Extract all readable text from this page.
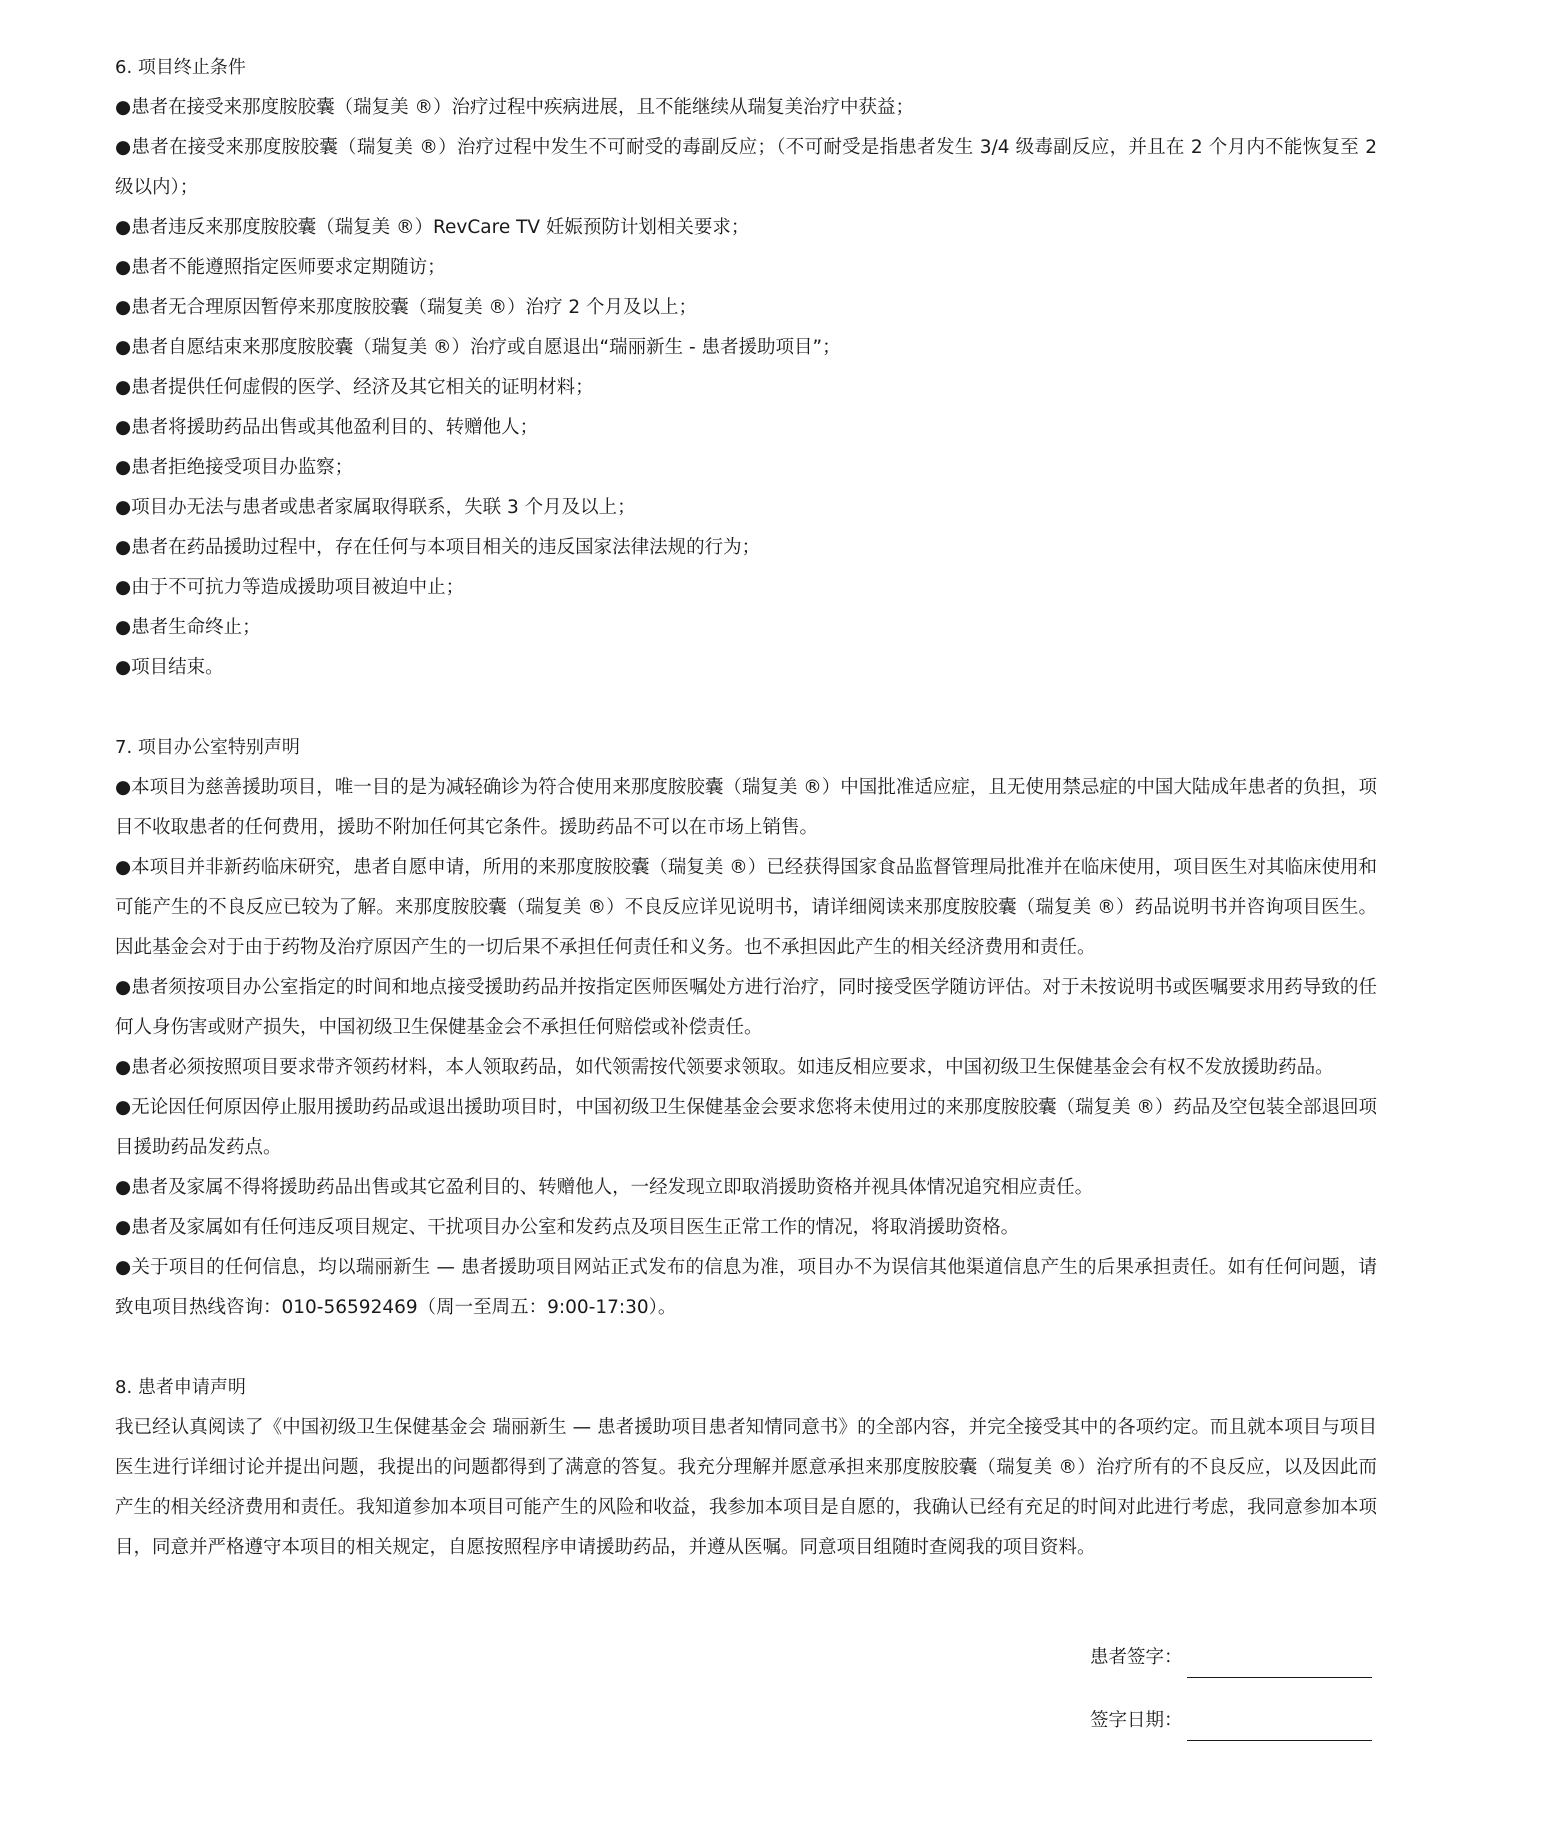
6. 项目终止条件

●患者在接受来那度胺胶囊（瑞复美 ®）治疗过程中疾病进展，且不能继续从瑞复美治疗中获益；

●患者在接受来那度胺胶囊（瑞复美 ®）治疗过程中发生不可耐受的毒副反应；（不可耐受是指患者发生 3/4 级毒副反应，并且在 2 个月内不能恢复至 2 级以内）；

●患者违反来那度胺胶囊（瑞复美 ®）RevCare TV 妊娠预防计划相关要求；

●患者不能遵照指定医师要求定期随访；

●患者无合理原因暂停来那度胺胶囊（瑞复美 ®）治疗 2 个月及以上；

●患者自愿结束来那度胺胶囊（瑞复美 ®）治疗或自愿退出“瑞丽新生 - 患者援助项目”；

●患者提供任何虚假的医学、经济及其它相关的证明材料；

●患者将援助药品出售或其他盈利目的、转赠他人；

●患者拒绝接受项目办监察；

●项目办无法与患者或患者家属取得联系，失联 3 个月及以上；

●患者在药品援助过程中，存在任何与本项目相关的违反国家法律法规的行为；

●由于不可抗力等造成援助项目被迫中止；

●患者生命终止；

●项目结束。

7. 项目办公室特别声明

●本项目为慈善援助项目，唯一目的是为减轻确诊为符合使用来那度胺胶囊（瑞复美 ®）中国批准适应症，且无使用禁忌症的中国大陆成年患者的负担，项目不收取患者的任何费用，援助不附加任何其它条件。援助药品不可以在市场上销售。

●本项目并非新药临床研究，患者自愿申请，所用的来那度胺胶囊（瑞复美 ®）已经获得国家食品监督管理局批准并在临床使用，项目医生对其临床使用和可能产生的不良反应已较为了解。来那度胺胶囊（瑞复美 ®）不良反应详见说明书，请详细阅读来那度胺胶囊（瑞复美 ®）药品说明书并咨询项目医生。因此基金会对于由于药物及治疗原因产生的一切后果不承担任何责任和义务。也不承担因此产生的相关经济费用和责任。

●患者须按项目办公室指定的时间和地点接受援助药品并按指定医师医嘱处方进行治疗，同时接受医学随访评估。对于未按说明书或医嘱要求用药导致的任何人身伤害或财产损失，中国初级卫生保健基金会不承担任何赔偿或补偿责任。

●患者必须按照项目要求带齐领药材料，本人领取药品，如代领需按代领要求领取。如违反相应要求，中国初级卫生保健基金会有权不发放援助药品。

●无论因任何原因停止服用援助药品或退出援助项目时，中国初级卫生保健基金会要求您将未使用过的来那度胺胶囊（瑞复美 ®）药品及空包装全部退回项目援助药品发药点。

●患者及家属不得将援助药品出售或其它盈利目的、转赠他人，一经发现立即取消援助资格并视具体情况追究相应责任。

●患者及家属如有任何违反项目规定、干扰项目办公室和发药点及项目医生正常工作的情况，将取消援助资格。

●关于项目的任何信息，均以瑞丽新生 — 患者援助项目网站正式发布的信息为准，项目办不为误信其他渠道信息产生的后果承担责任。如有任何问题，请致电项目热线咨询：010-56592469（周一至周五：9:00-17:30）。

8. 患者申请声明

我已经认真阅读了《中国初级卫生保健基金会 瑞丽新生 — 患者援助项目患者知情同意书》的全部内容，并完全接受其中的各项约定。而且就本项目与项目医生进行详细讨论并提出问题，我提出的问题都得到了满意的答复。我充分理解并愿意承担来那度胺胶囊（瑞复美 ®）治疗所有的不良反应，以及因此而产生的相关经济费用和责任。我知道参加本项目可能产生的风险和收益，我参加本项目是自愿的，我确认已经有充足的时间对此进行考虑，我同意参加本项目，同意并严格遵守本项目的相关规定，自愿按照程序申请援助药品，并遵从医嘱。同意项目组随时查阅我的项目资料。

患者签字：
签字日期：
